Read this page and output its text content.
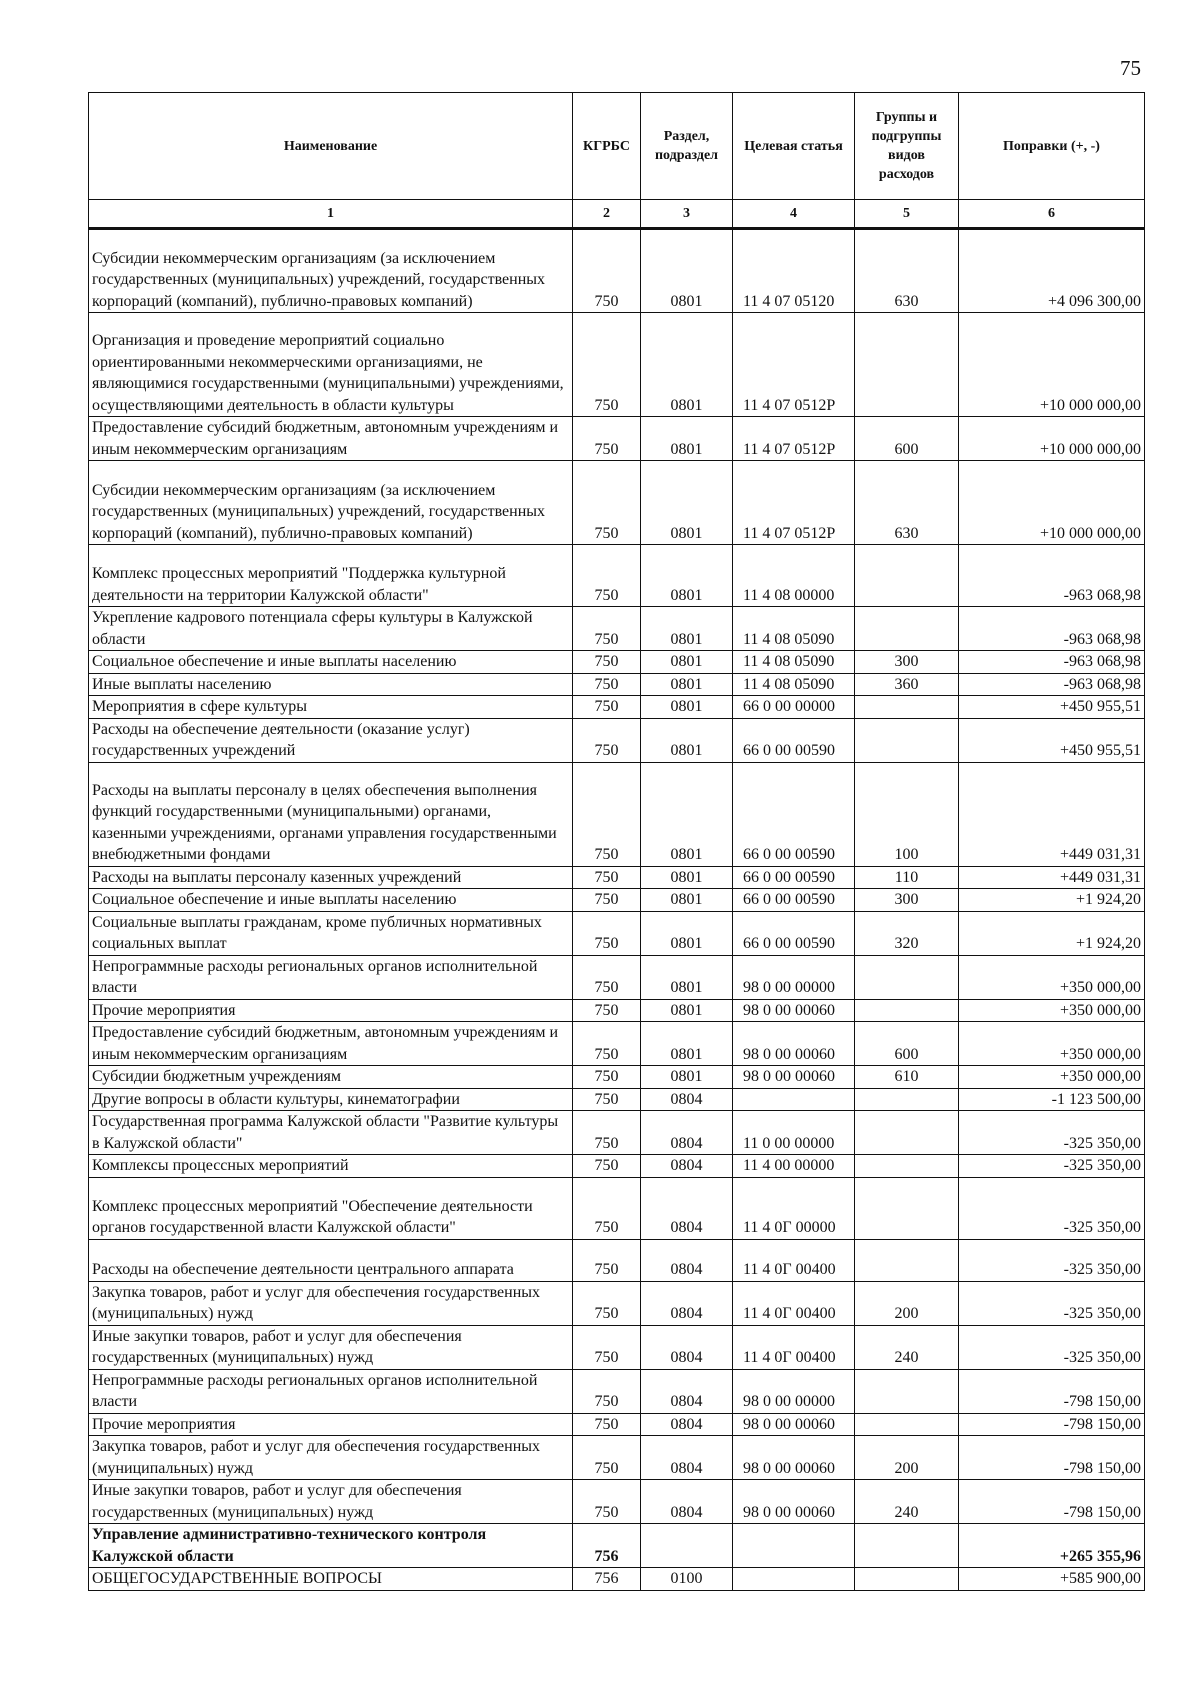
75
Наименование	КГРБС	Раздел, подраздел	Целевая статья	Группы и подгруппы видов расходов	Поправки (+, -)
1	2	3	4	5	6
Субсидии некоммерческим организациям (за исключением государственных (муниципальных) учреждений, государственных корпораций (компаний), публично-правовых компаний)	750	0801	11 4 07 05120	630	+4 096 300,00
Организация и проведение мероприятий социально ориентированными некоммерческими организациями, не являющимися государственными (муниципальными) учреждениями, осуществляющими деятельность в области культуры	750	0801	11 4 07 0512P		+10 000 000,00
Предоставление субсидий бюджетным, автономным учреждениям и иным некоммерческим организациям	750	0801	11 4 07 0512P	600	+10 000 000,00
Субсидии некоммерческим организациям (за исключением государственных (муниципальных) учреждений, государственных корпораций (компаний), публично-правовых компаний)	750	0801	11 4 07 0512P	630	+10 000 000,00
Комплекс процессных мероприятий "Поддержка культурной деятельности на территории Калужской области"	750	0801	11 4 08 00000		-963 068,98
Укрепление кадрового потенциала сферы культуры в Калужской области	750	0801	11 4 08 05090		-963 068,98
Социальное обеспечение и иные выплаты населению	750	0801	11 4 08 05090	300	-963 068,98
Иные выплаты населению	750	0801	11 4 08 05090	360	-963 068,98
Мероприятия в сфере культуры	750	0801	66 0 00 00000		+450 955,51
Расходы на обеспечение деятельности (оказание услуг) государственных учреждений	750	0801	66 0 00 00590		+450 955,51
Расходы на выплаты персоналу в целях обеспечения выполнения функций государственными (муниципальными) органами, казенными учреждениями, органами управления государственными внебюджетными фондами	750	0801	66 0 00 00590	100	+449 031,31
Расходы на выплаты персоналу казенных учреждений	750	0801	66 0 00 00590	110	+449 031,31
Социальное обеспечение и иные выплаты населению	750	0801	66 0 00 00590	300	+1 924,20
Социальные выплаты гражданам, кроме публичных нормативных социальных выплат	750	0801	66 0 00 00590	320	+1 924,20
Непрограммные расходы региональных органов исполнительной власти	750	0801	98 0 00 00000		+350 000,00
Прочие мероприятия	750	0801	98 0 00 00060		+350 000,00
Предоставление субсидий бюджетным, автономным учреждениям и иным некоммерческим организациям	750	0801	98 0 00 00060	600	+350 000,00
Субсидии бюджетным учреждениям	750	0801	98 0 00 00060	610	+350 000,00
Другие вопросы в области культуры, кинематографии	750	0804			-1 123 500,00
Государственная программа Калужской области "Развитие культуры в Калужской области"	750	0804	11 0 00 00000		-325 350,00
Комплексы процессных мероприятий	750	0804	11 4 00 00000		-325 350,00
Комплекс процессных мероприятий "Обеспечение деятельности органов государственной власти Калужской области"	750	0804	11 4 0Г 00000		-325 350,00
Расходы на обеспечение деятельности центрального аппарата	750	0804	11 4 0Г 00400		-325 350,00
Закупка товаров, работ и услуг для обеспечения государственных (муниципальных) нужд	750	0804	11 4 0Г 00400	200	-325 350,00
Иные закупки товаров, работ и услуг для обеспечения государственных (муниципальных) нужд	750	0804	11 4 0Г 00400	240	-325 350,00
Непрограммные расходы региональных органов исполнительной власти	750	0804	98 0 00 00000		-798 150,00
Прочие мероприятия	750	0804	98 0 00 00060		-798 150,00
Закупка товаров, работ и услуг для обеспечения государственных (муниципальных) нужд	750	0804	98 0 00 00060	200	-798 150,00
Иные закупки товаров, работ и услуг для обеспечения государственных (муниципальных) нужд	750	0804	98 0 00 00060	240	-798 150,00
Управление административно-технического контроля Калужской области	756				+265 355,96
ОБЩЕГОСУДАРСТВЕННЫЕ ВОПРОСЫ	756	0100			+585 900,00
